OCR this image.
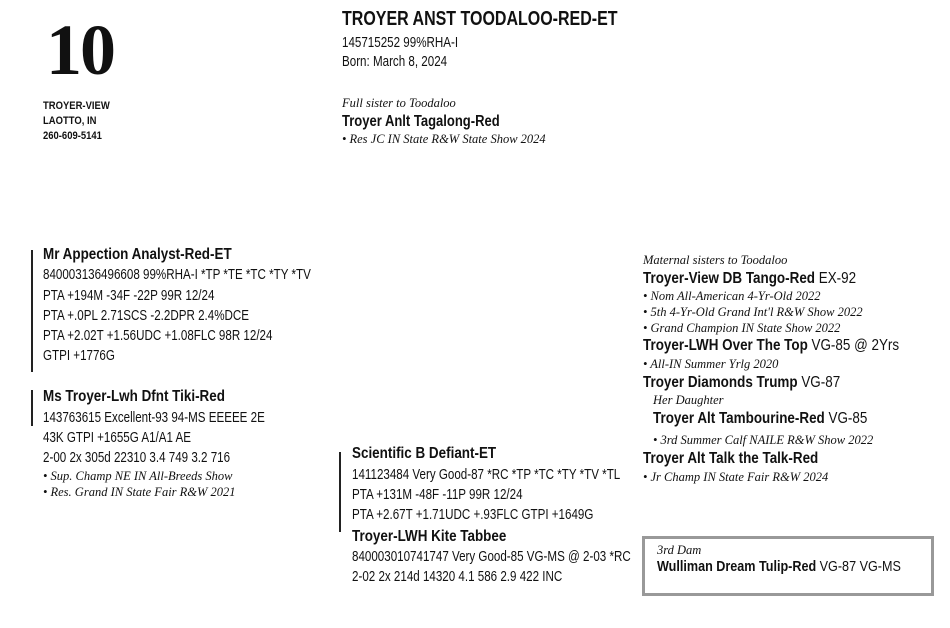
10
TROYER-VIEW
LAOTTO, IN
260-609-5141
TROYER ANST TOODALOO-RED-ET
145715252 99%RHA-I
Born: March 8, 2024
Full sister to Toodaloo
Troyer Anlt Tagalong-Red
• Res JC IN State R&W State Show 2024
Mr Appection Analyst-Red-ET
840003136496608 99%RHA-I *TP *TE *TC *TY *TV
PTA +194M -34F -22P 99R 12/24
PTA +.0PL 2.71SCS -2.2DPR 2.4%DCE
PTA +2.02T +1.56UDC +1.08FLC 98R 12/24
GTPI +1776G
Ms Troyer-Lwh Dfnt Tiki-Red
143763615 Excellent-93 94-MS EEEEE 2E
43K GTPI +1655G A1/A1 AE
2-00 2x 305d 22310 3.4 749 3.2 716
• Sup. Champ NE IN All-Breeds Show
• Res. Grand IN State Fair R&W 2021
Scientific B Defiant-ET
141123484 Very Good-87 *RC *TP *TC *TY *TV *TL
PTA +131M -48F -11P 99R 12/24
PTA +2.67T +1.71UDC +.93FLC GTPI +1649G
Troyer-LWH Kite Tabbee
840003010741747 Very Good-85 VG-MS @ 2-03 *RC
2-02 2x 214d 14320 4.1 586 2.9 422 INC
Maternal sisters to Toodaloo
Troyer-View DB Tango-Red EX-92
• Nom All-American 4-Yr-Old 2022
• 5th 4-Yr-Old Grand Int'l R&W Show 2022
• Grand Champion IN State Show 2022
Troyer-LWH Over The Top VG-85 @ 2Yrs
• All-IN Summer Yrlg 2020
Troyer Diamonds Trump VG-87
Her Daughter
Troyer Alt Tambourine-Red VG-85
• 3rd Summer Calf NAILE R&W Show 2022
Troyer Alt Talk the Talk-Red
• Jr Champ IN State Fair R&W 2024
3rd Dam
Wulliman Dream Tulip-Red VG-87 VG-MS
